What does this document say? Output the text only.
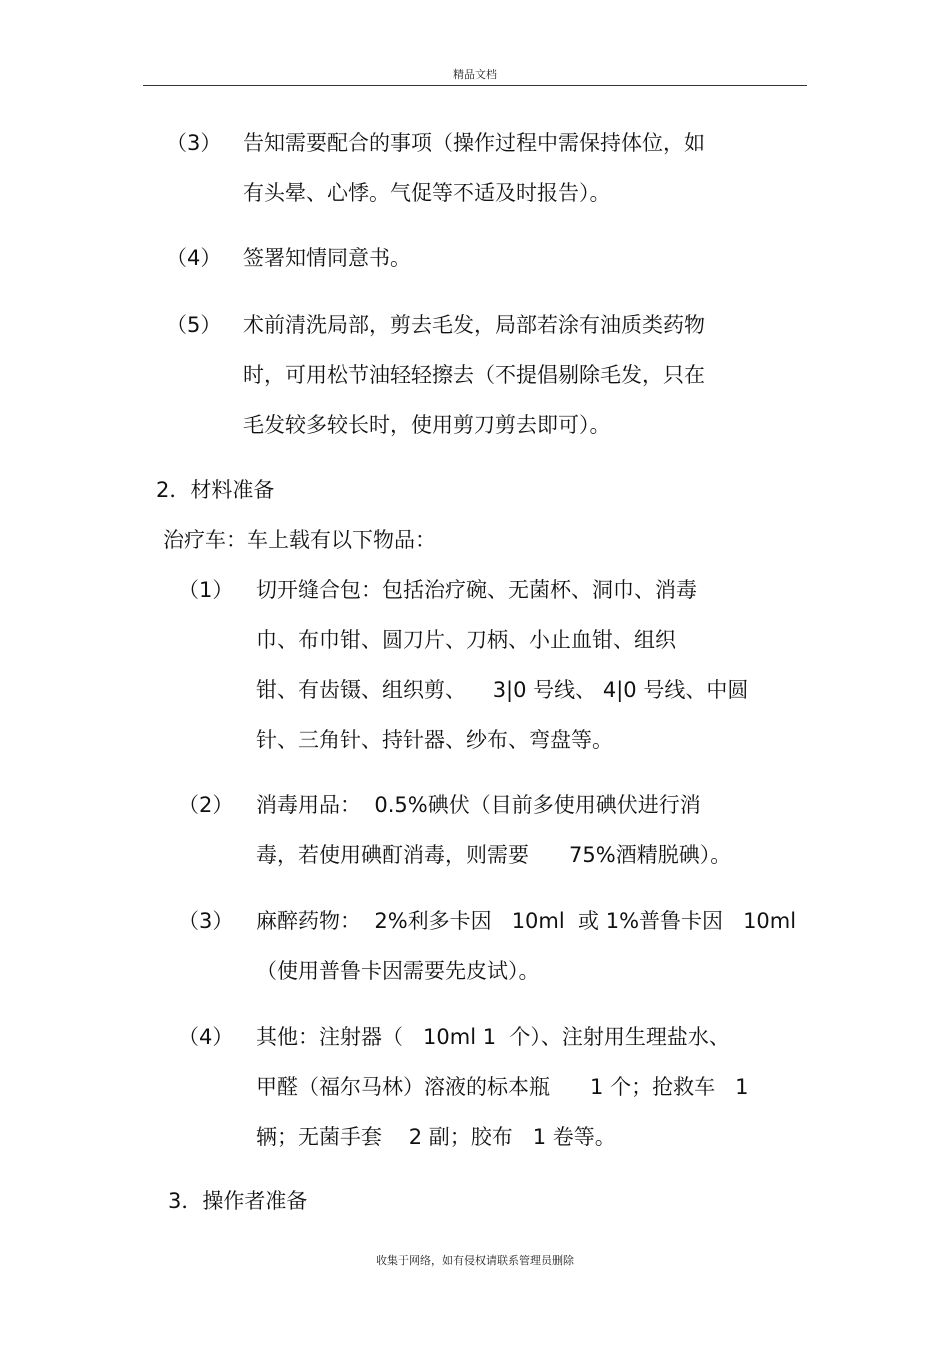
精品文档
（3） 告知需要配合的事项（操作过程中需保持体位，如
有头晕、心悸。气促等不适及时报告）。
（4） 签署知情同意书。
（5） 术前清洗局部，剪去毛发，局部若涂有油质类药物
时，可用松节油轻轻擦去（不提倡剔除毛发，只在
毛发较多较长时，使用剪刀剪去即可）。
2．材料准备
治疗车：车上载有以下物品：
（1） 切开缝合包：包括治疗碗、无菌杯、洞巾、消毒
巾、布巾钳、圆刀片、刀柄、小止血钳、组织
钳、有齿镊、组织剪、    3|0 号线、 4|0 号线、中圆
针、三角针、持针器、纱布、弯盘等。
（2） 消毒用品：  0.5%碘伏（目前多使用碘伏进行消
毒，若使用碘酊消毒，则需要      75%酒精脱碘）。
（3） 麻醉药物：  2%利多卡因   10ml  或 1%普鲁卡因   10ml
（使用普鲁卡因需要先皮试）。
（4） 其他：注射器（   10ml 1  个）、注射用生理盐水、
甲醛（福尔马林）溶液的标本瓶      1 个；抢救车   1
辆；无菌手套    2 副；胶布   1 卷等。
3．操作者准备
收集于网络，如有侵权请联系管理员删除
